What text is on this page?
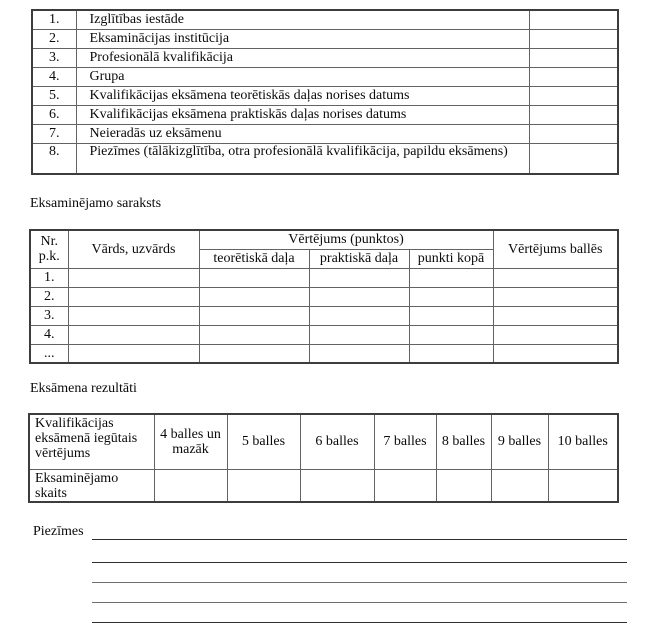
1.	Izglītības iestāde	
2.	Eksaminācijas institūcija	
3.	Profesionālā kvalifikācija	
4.	Grupa	
5.	Kvalifikācijas eksāmena teorētiskās daļas norises datums	
6.	Kvalifikācijas eksāmena praktiskās daļas norises datums	
7.	Neieradās uz eksāmenu	
8.	Piezīmes (tālākizglītība, otra profesionālā kvalifikācija, papildu eksāmens)	
Eksaminējamo saraksts
Nr.
p.k.	Vārds, uzvārds	Vērtējums (punktos)			Vērtējums ballēs
		teorētiskā daļa	praktiskā daļa	punkti kopā	
1.					
2.					
3.					
4.					
...					
Eksāmena rezultāti
Kvalifikācijas eksāmenā iegūtais vērtējums	4 balles un mazāk	5 balles	6 balles	7 balles	8 balles	9 balles	10 balles
Eksaminējamo skaits							
Piezīmes
